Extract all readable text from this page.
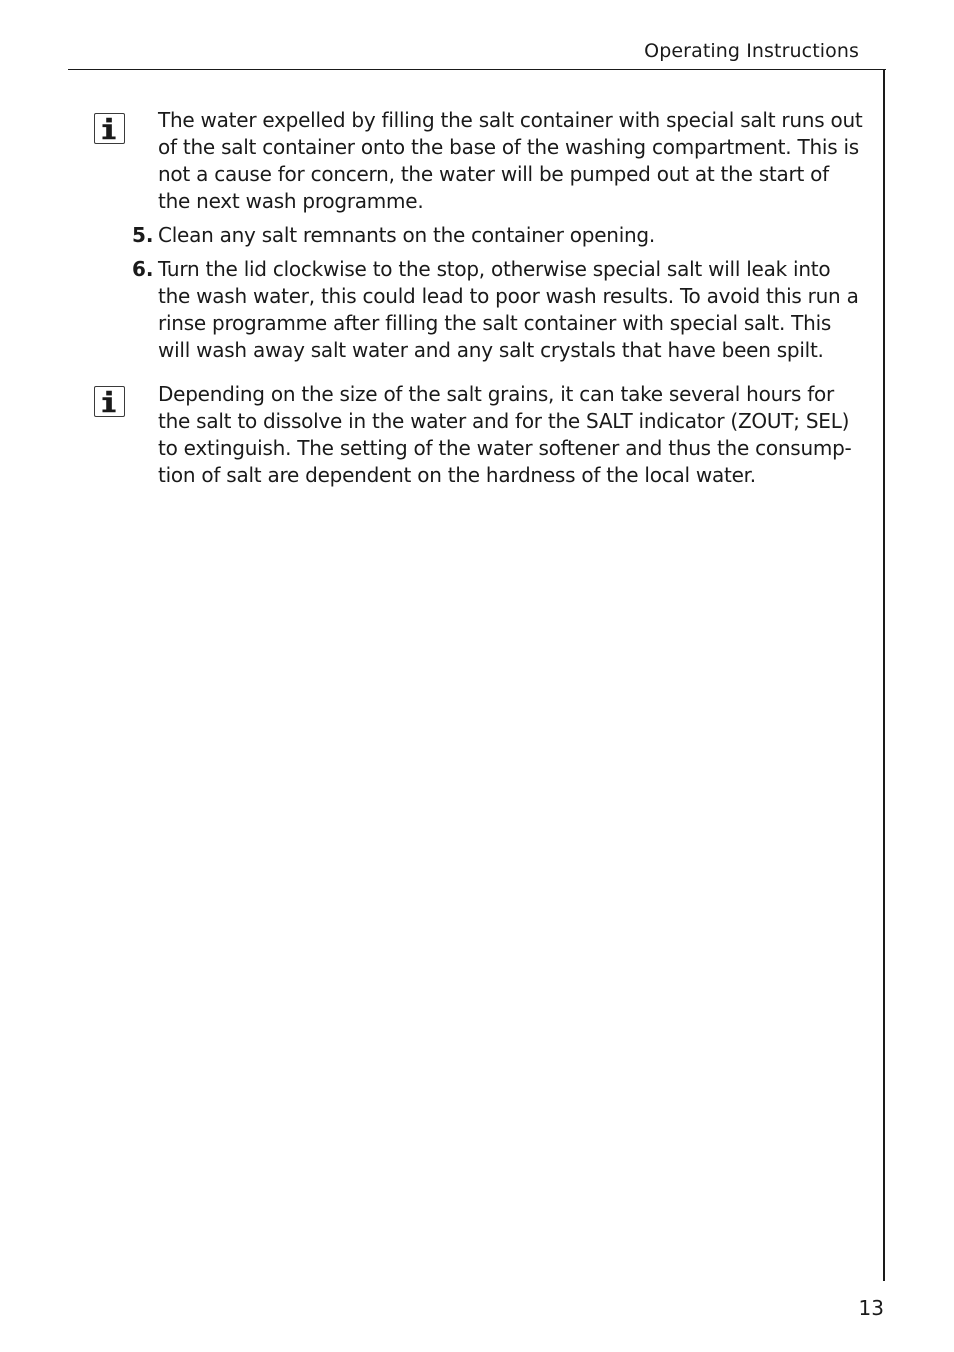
Operating Instructions

The water expelled by filling the salt container with special salt runs out of the salt container onto the base of the washing compartment. This is not a cause for concern, the water will be pumped out at the start of the next wash programme.

5. Clean any salt remnants on the container opening.

6. Turn the lid clockwise to the stop, otherwise special salt will leak into the wash water, this could lead to poor wash results. To avoid this run a rinse programme after filling the salt container with special salt. This will wash away salt water and any salt crystals that have been spilt.

Depending on the size of the salt grains, it can take several hours for the salt to dissolve in the water and for the SALT indicator (ZOUT; SEL) to extinguish. The setting of the water softener and thus the consump-tion of salt are dependent on the hardness of the local water.

13
